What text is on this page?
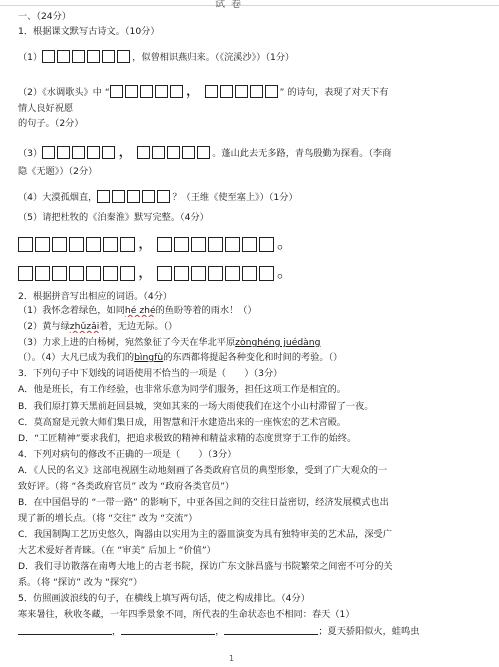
试卷
一、（24分）
1．根据课文默写古诗文。（10分）
（1）	，似曾相识燕归来。（《浣溪沙》）（1分）
（2）《水调歌头》中 “	，	” 的诗句，表现了对天下有
情人良好祝愿
的句子。（2分）
（3）	，	。蓬山此去无多路，青鸟殷勤为探看。（李商
隐《无题》）（2分）
（4）大漠孤烟直，	？（王维《使至塞上》）（1分）
（5）请把杜牧的《泊秦淮》默写完整。（4分）
，	。
，	。
2．根据拼音写出相应的词语。（4分）
（1）我怀念着绿色，如同hé zhé的鱼盼等着的雨水！（）
（2）黄与绿zhǔzǎi着，无边无际。（）
（3）力求上进的白杨树，宛然象征了今天在华北平原zònghéng juédàng
（）。（4）大凡已成为我们的bìngfù的东西都将提起各种变化和时间的考验。（）
3．下列句子中下划线的词语使用不恰当的一项是（　　）（3分）
A．他是班长，有工作经验，也非常乐意为同学们服务，担任这项工作是相宜的。
B．我们原打算天黑前赶回县城，突如其来的一场大雨使我们在这个小山村滞留了一夜。
C．莫高窟是元敦大师们集日成，用智慧和汗水建造出来的一座恢宏的艺术宫殿。
D．“工匠精神”要求我们，把追求极致的精神和精益求精的态度贯穿于工作的始终。
4．下列对病句的修改不正确的一项是（　　）（3分）
A．《人民的名义》这部电视剧生动地刻画了各类政府官员的典型形象，受到了广大观众的一
致好评。（将 “各类政府官员” 改为 “政府各类官员”）
B．在中国倡导的 “一带一路” 的影响下，中亚各国之间的交往日益密切，经济发展模式也出
现了新的增长点。（将 “交往” 改为 “交流”）
C．我国制陶工艺历史悠久，陶器由以实用为主的器皿演变为具有独特审美的艺术品，深受广
大艺术爱好者青睐。（在 “审美” 后加上 “价值”）
D．我们寻访散落在南粤大地上的古老书院，探访广东文脉昌盛与书院繁荣之间密不可分的关
系。（将 “探访” 改为 “探究”）
5．仿照画波浪线的句子，在横线上填写两句话，使之构成排比。（4分）
寒来暑往，秋收冬藏，一年四季景象不同，所代表的生命状态也不相同：春天（1）
，	，	；夏天骄阳似火，蛙鸣虫
1
